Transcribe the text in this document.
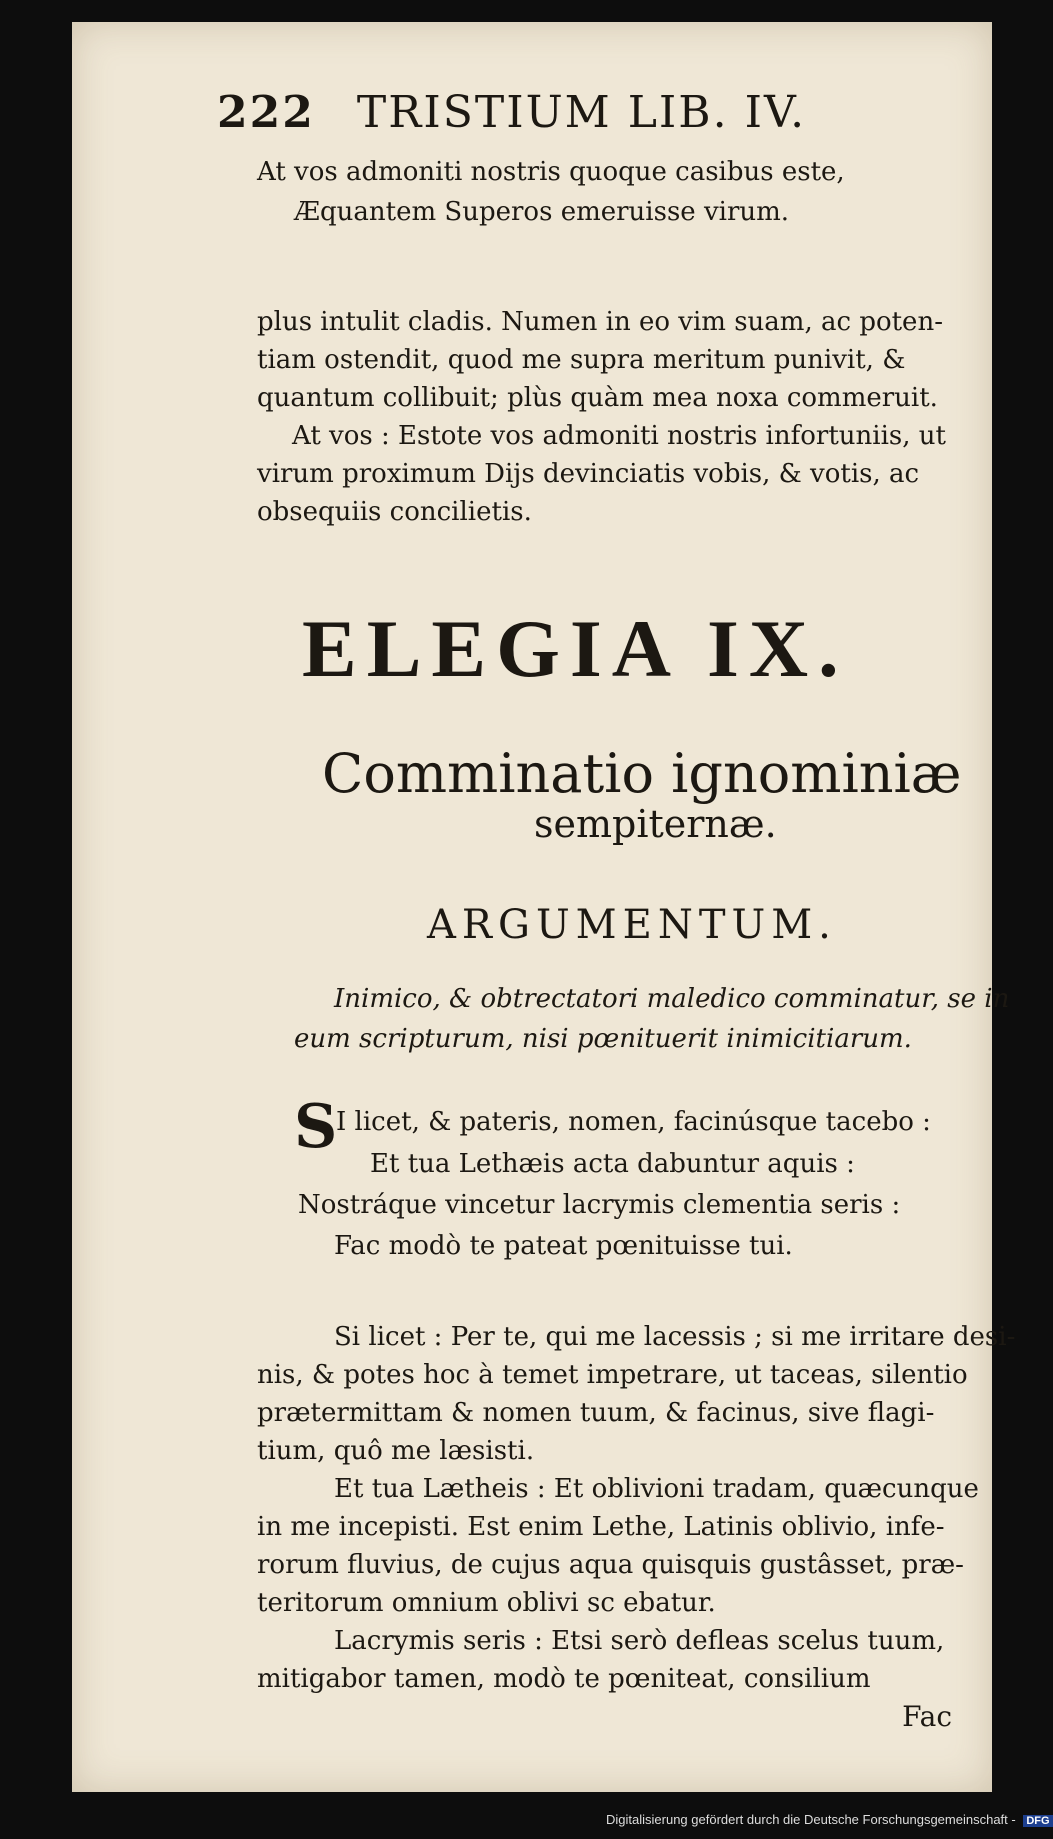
222 TRISTIUM LIB. IV.
At vos admoniti nostris quoque casibus este,
Æquantem Superos emeruisse virum.
plus intulit cladis. Numen in eo vim suam, ac poten-
tiam ostendit, quod me supra meritum punivit, &
quantum collibuit; plùs quàm mea noxa commeruit.
At vos : Estote vos admoniti nostris infortuniis, ut
virum proximum Dijs devinciatis vobis, & votis, ac
obsequiis concilietis.
ELEGIA IX.
Comminatio ignominiæ
sempiternæ.
ARGUMENTUM.
Inimico, & obtrectatori maledico comminatur, se in
eum scripturum, nisi pœnituerit inimicitiarum.
S
I licet, & pateris, nomen, facinúsque tacebo :
Et tua Lethæis acta dabuntur aquis :
Nostráque vincetur lacrymis clementia seris :
Fac modò te pateat pœnituisse tui.
Si licet : Per te, qui me lacessis ; si me irritare desi-
nis, & potes hoc à temet impetrare, ut taceas, silentio
prætermittam & nomen tuum, & facinus, sive flagi-
tium, quô me læsisti.
Et tua Lætheis : Et oblivioni tradam, quæcunque
in me incepisti. Est enim Lethe, Latinis oblivio, infe-
rorum fluvius, de cujus aqua quisquis gustâsset, præ-
teritorum omnium oblivi sc ebatur.
Lacrymis seris : Etsi serò defleas scelus tuum,
mitigabor tamen, modò te pœniteat, consilium
Fac
Digitalisierung gefördert durch die Deutsche Forschungsgemeinschaft - DFG
